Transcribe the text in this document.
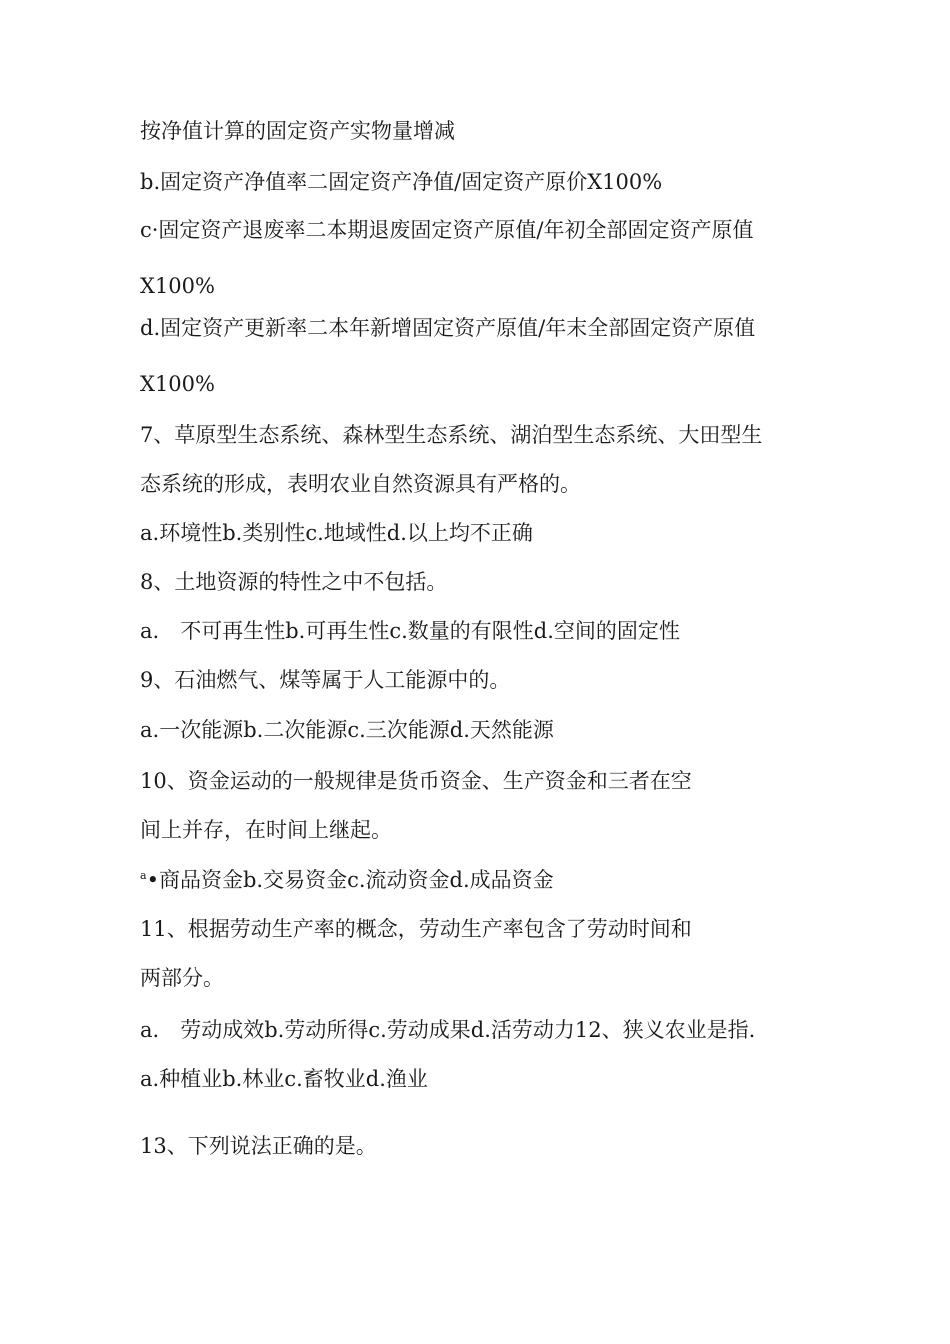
按净值计算的固定资产实物量增减
b.固定资产净值率二固定资产净值/固定资产原价X100%
c·固定资产退废率二本期退废固定资产原值/年初全部固定资产原值
X100%
d.固定资产更新率二本年新增固定资产原值/年末全部固定资产原值
X100%
7、草原型生态系统、森林型生态系统、湖泊型生态系统、大田型生
态系统的形成，表明农业自然资源具有严格的。
a.环境性b.类别性c.地域性d.以上均不正确
8、土地资源的特性之中不包括。
a.　不可再生性b.可再生性c.数量的有限性d.空间的固定性
9、石油燃气、煤等属于人工能源中的。
a.一次能源b.二次能源c.三次能源d.天然能源
10、资金运动的一般规律是货币资金、生产资金和三者在空
间上并存，在时间上继起。
$^a$•商品资金b.交易资金c.流动资金d.成品资金
11、根据劳动生产率的概念，劳动生产率包含了劳动时间和
两部分。
a.　劳动成效b.劳动所得c.劳动成果d.活劳动力12、狭义农业是指.
a.种植业b.林业c.畜牧业d.渔业
13、下列说法正确的是。
